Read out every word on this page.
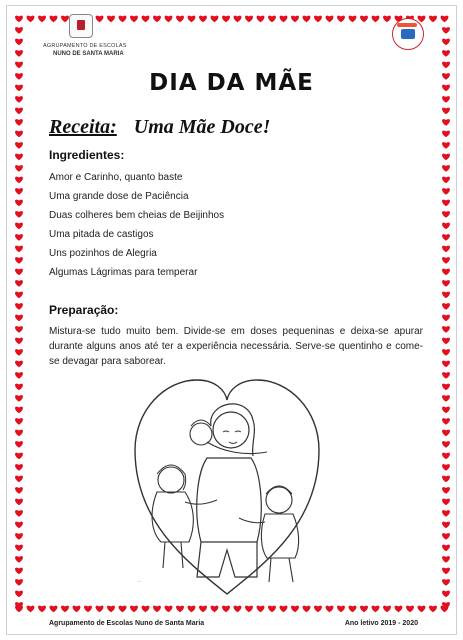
AGRUPAMENTO DE ESCOLAS
NUNO DE SANTA MARIA
DIA DA MÃE
Receita: Uma Mãe Doce!
Ingredientes:
Amor e Carinho, quanto baste
Uma grande dose de Paciência
Duas colheres bem cheias de Beijinhos
Uma pitada de castigos
Uns pozinhos de Alegria
Algumas Lágrimas para temperar
Preparação:
Mistura-se tudo muito bem. Divide-se em doses pequeninas e deixa-se apurar durante alguns anos até ter a experiência necessária. Serve-se quentinho e come-se devagar para saborear.
~
Agrupamento de Escolas Nuno de Santa Maria	Ano letivo 2019 - 2020
